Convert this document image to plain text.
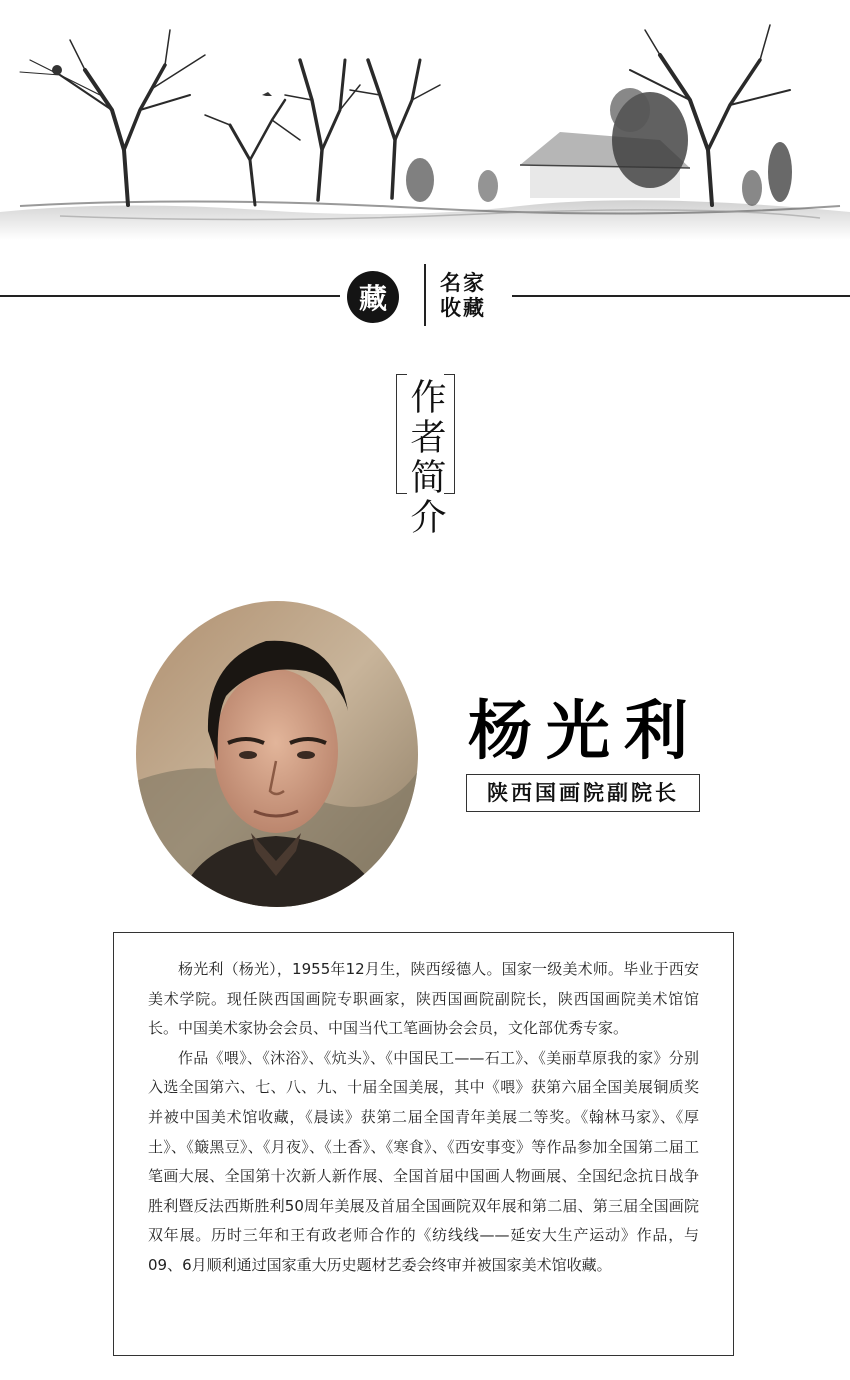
藏	名家
收藏
作者简介
杨光利
陕西国画院副院长

杨光利（杨光），1955年12月生，陕西绥德人。国家一级美术师。毕业于西安美术学院。现任陕西国画院专职画家，陕西国画院副院长，陕西国画院美术馆馆长。中国美术家协会会员、中国当代工笔画协会会员，文化部优秀专家。

作品《喂》、《沐浴》、《炕头》、《中国民工——石工》、《美丽草原我的家》分别入选全国第六、七、八、九、十届全国美展，其中《喂》获第六届全国美展铜质奖并被中国美术馆收藏，《晨读》获第二届全国青年美展二等奖。《翰林马家》、《厚土》、《簸黑豆》、《月夜》、《土香》、《寒食》、《西安事变》等作品参加全国第二届工笔画大展、全国第十次新人新作展、全国首届中国画人物画展、全国纪念抗日战争胜利暨反法西斯胜利50周年美展及首届全国画院双年展和第二届、第三届全国画院双年展。历时三年和王有政老师合作的《纺线线——延安大生产运动》作品，与09、6月顺利通过国家重大历史题材艺委会终审并被国家美术馆收藏。
